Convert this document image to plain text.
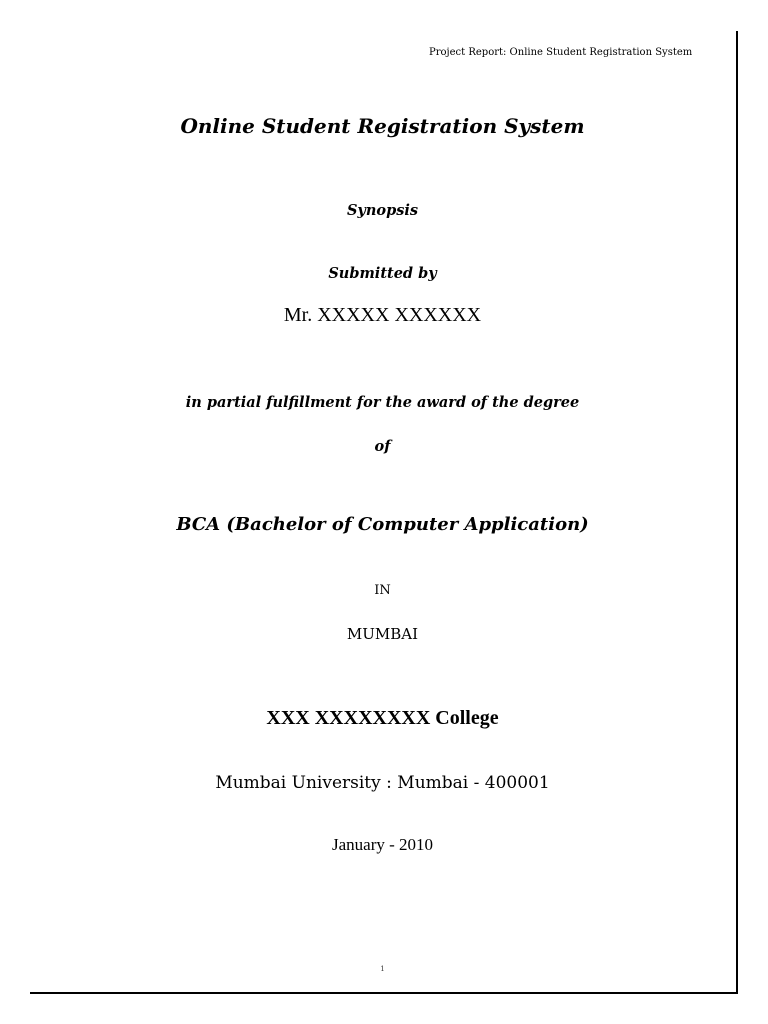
Project Report: Online Student Registration System
Online Student Registration System
Synopsis
Submitted by
Mr. XXXXX XXXXXX
in partial fulfillment for the award of the degree
of
BCA (Bachelor of Computer Application)
IN
MUMBAI
XXX XXXXXXXX College
Mumbai University : Mumbai - 400001
January - 2010
1
